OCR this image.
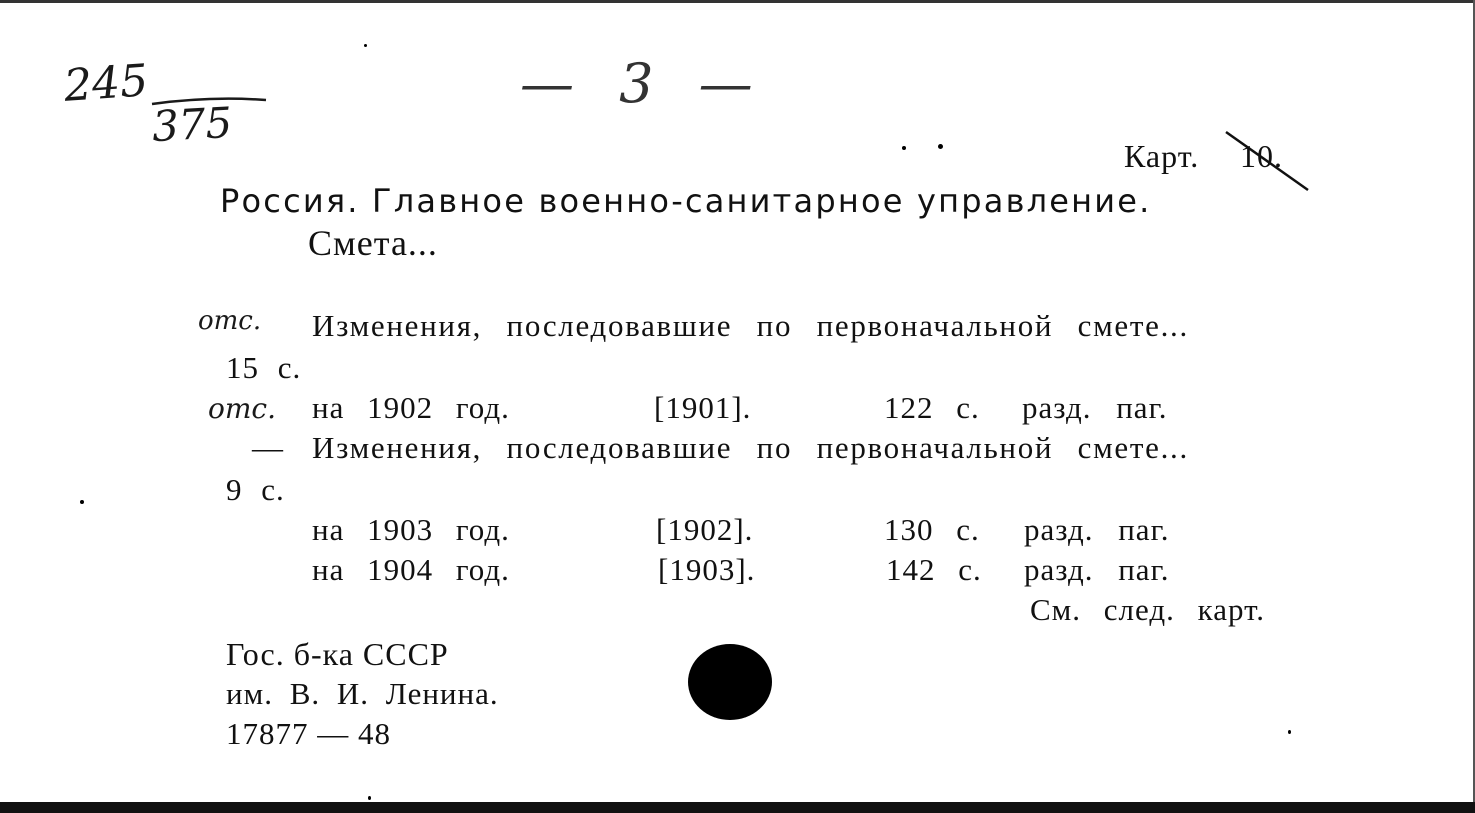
245
375
— 3 —
Карт. 10.
Россия. Главное военно-санитарное управление.
Смета...
отс. Изменения, последовавшие по первоначальной смете...
15 с.
отс. на 1902 год.	[1901].	122 с. разд. паг.
— Изменения, последовавшие по первоначальной смете...
9 с.
на 1903 год.	[1902].	130 с. разд. паг.
на 1904 год.	[1903].	142 с. разд. паг.
См. след. карт.
Гос. б-ка СССР
им. В. И. Ленина.
17877 — 48
